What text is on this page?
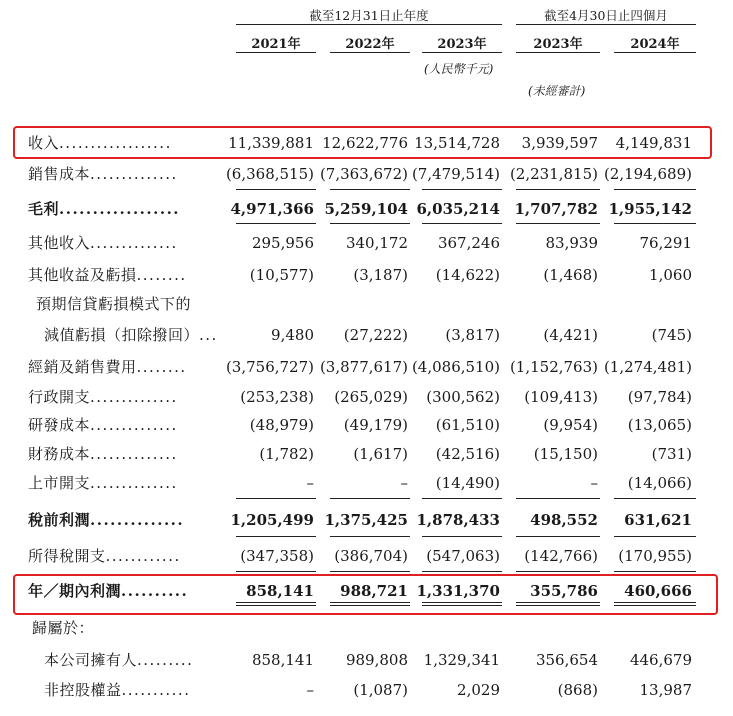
截至12月31日止年度	截至4月30日止四個月
2021年	2022年	2023年	2023年	2024年
(人民幣千元)
(未經審計)
收入..................	11,339,881 12,622,776 13,514,728	3,939,597	4,149,831
銷售成本..............	(6,368,515) (7,363,672) (7,479,514) (2,231,815) (2,194,689)
毛利..................	4,971,366 5,259,104 6,035,214 1,707,782 1,955,142
其他收入..............	295,956	340,172	367,246	83,939	76,291
其他收益及虧損........	(10,577)	(3,187)	(14,622)	(1,468)	1,060
預期信貸虧損模式下的
減值虧損（扣除撥回）...	9,480	(27,222)	(3,817)	(4,421)	(745)
經銷及銷售費用........	(3,756,727) (3,877,617) (4,086,510) (1,152,763) (1,274,481)
行政開支..............	(253,238)	(265,029)	(300,562)	(109,413)	(97,784)
研發成本..............	(48,979)	(49,179)	(61,510)	(9,954)	(13,065)
財務成本..............	(1,782)	(1,617)	(42,516)	(15,150)	(731)
上市開支..............	–	–	(14,490)	–	(14,066)
稅前利潤..............	1,205,499 1,375,425 1,878,433	498,552	631,621
所得稅開支............	(347,358)	(386,704)	(547,063)	(142,766)	(170,955)
年／期內利潤..........	858,141	988,721 1,331,370	355,786	460,666
歸屬於：
本公司擁有人.........	858,141	989,808	1,329,341	356,654	446,679
非控股權益...........	–	(1,087)	2,029	(868)	13,987
